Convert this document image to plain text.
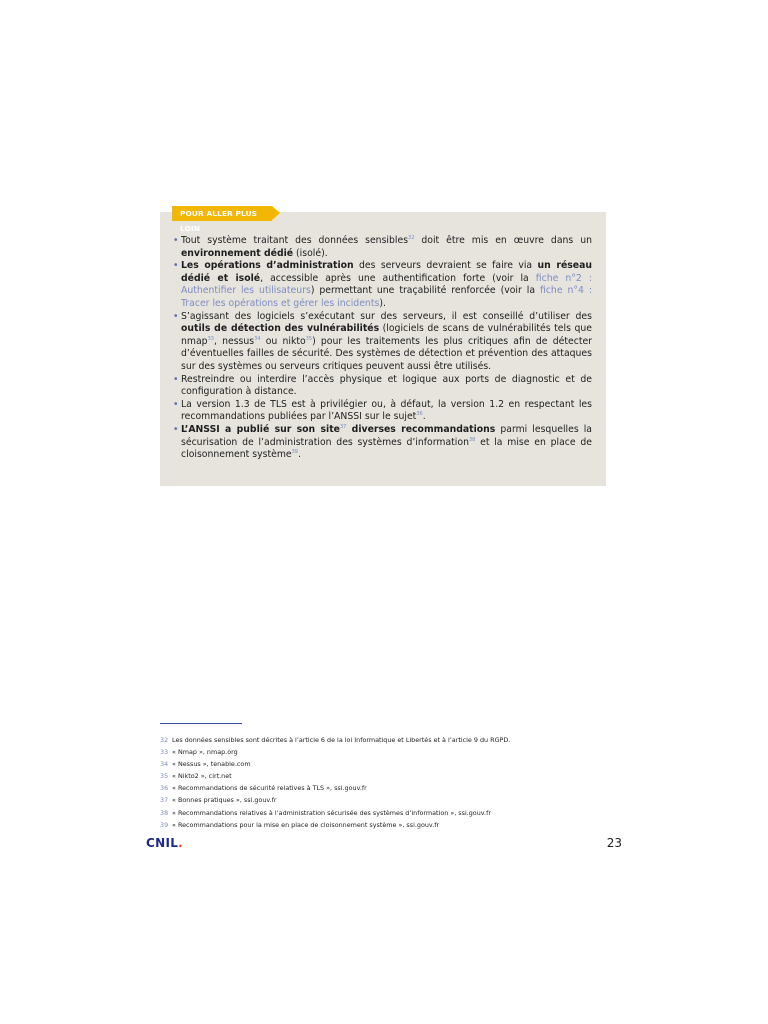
POUR ALLER PLUS LOIN
• Tout système traitant des données sensibles$^{32}$ doit être mis en œuvre dans un environnement dédié (isolé).
• Les opérations d’administration des serveurs devraient se faire via un réseau dédié et isolé, accessible après une authentification forte (voir la fiche n°2 : Authentifier les utilisateurs) permettant une traçabilité renforcée (voir la fiche n°4 : Tracer les opérations et gérer les incidents).
• S’agissant des logiciels s’exécutant sur des serveurs, il est conseillé d’utiliser des outils de détection des vulnérabilités (logiciels de scans de vulnérabilités tels que nmap$^{33}$, nessus$^{34}$ ou nikto$^{35}$) pour les traitements les plus critiques afin de détecter d’éventuelles failles de sécurité. Des systèmes de détection et prévention des attaques sur des systèmes ou serveurs critiques peuvent aussi être utilisés.
• Restreindre ou interdire l’accès physique et logique aux ports de diagnostic et de configuration à distance.
• La version 1.3 de TLS est à privilégier ou, à défaut, la version 1.2 en respectant les recommandations publiées par l’ANSSI sur le sujet$^{36}$.
• L’ANSSI a publié sur son site$^{37}$ diverses recommandations parmi lesquelles la sécurisation de l’administration des systèmes d’information$^{38}$ et la mise en place de cloisonnement système$^{39}$.
32 Les données sensibles sont décrites à l’article 6 de la loi Informatique et Libertés et à l’article 9 du RGPD.
33 « Nmap », nmap.org
34 « Nessus », tenable.com
35 « Nikto2 », cirt.net
36 « Recommandations de sécurité relatives à TLS », ssi.gouv.fr
37 « Bonnes pratiques », ssi.gouv.fr
38 « Recommandations relatives à l’administration sécurisée des systèmes d’information », ssi.gouv.fr
39 « Recommandations pour la mise en place de cloisonnement système », ssi.gouv.fr
CNIL.	23
